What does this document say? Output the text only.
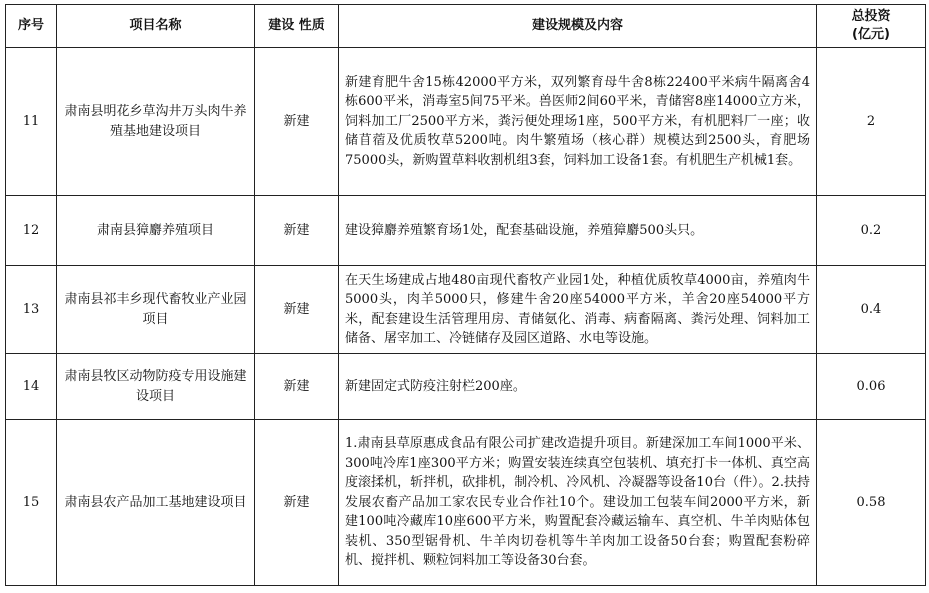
序号	项目名称	建设 性质	建设规模及内容	总投资
(亿元)

11	肃南县明花乡草沟井万头肉牛养殖基地建设项目	新建	新建育肥牛舍15栋42000平方米，双列繁育母牛舍8栋22400平米病牛隔离舍4栋600平米，消毒室5间75平米。兽医师2间60平米，青储窖8座14000立方米，饲料加工厂2500平方米，粪污便处理场1座，500平方米，有机肥料厂一座；收储苜蓿及优质牧草5200吨。肉牛繁殖场（核心群）规模达到2500头，育肥场75000头，新购置草料收割机组3套，饲料加工设备1套。有机肥生产机械1套。	2
12	肃南县獐麝养殖项目	新建	建设獐麝养殖繁育场1处，配套基础设施，养殖獐麝500头只。	0.2
13	肃南县祁丰乡现代畜牧业产业园项目	新建	在天生场建成占地480亩现代畜牧产业园1处，种植优质牧草4000亩，养殖肉牛5000头，肉羊5000只，修建牛舍20座54000平方米，羊舍20座54000平方米，配套建设生活管理用房、青储氨化、消毒、病畜隔离、粪污处理、饲料加工储备、屠宰加工、冷链储存及园区道路、水电等设施。	0.4
14	肃南县牧区动物防疫专用设施建设项目	新建	新建固定式防疫注射栏200座。	0.06
15	肃南县农产品加工基地建设项目	新建	1.肃南县草原惠成食品有限公司扩建改造提升项目。新建深加工车间1000平米、300吨冷库1座300平方米；购置安装连续真空包装机、填充打卡一体机、真空高度滚揉机，斩拌机，砍排机，制冷机、冷风机、冷凝器等设备10台（件）。2.扶持发展农畜产品加工家农民专业合作社10个。建设加工包装车间2000平方米，新建100吨冷藏库10座600平方米，购置配套冷藏运输车、真空机、牛羊肉贴体包装机、350型锯骨机、牛羊肉切卷机等牛羊肉加工设备50台套；购置配套粉碎机、搅拌机、颗粒饲料加工等设备30台套。	0.58
